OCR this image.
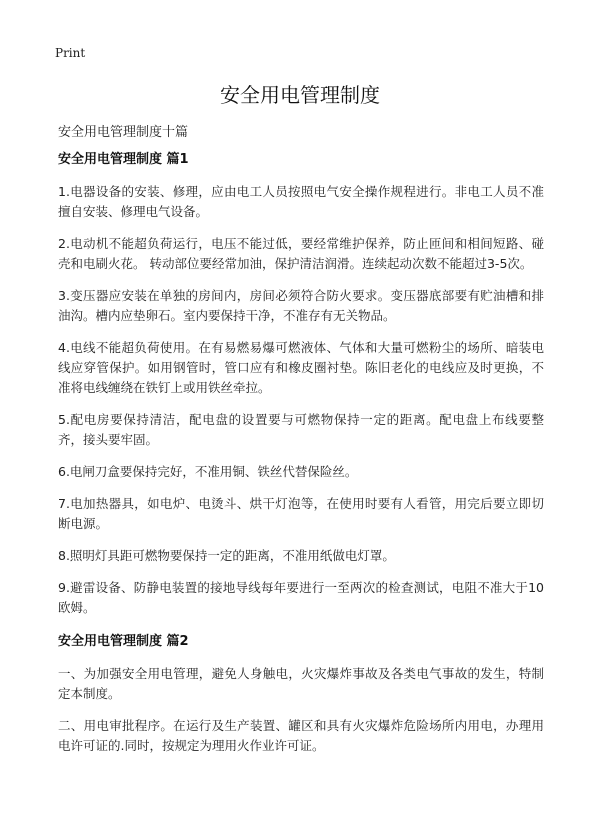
Print
安全用电管理制度
安全用电管理制度十篇
安全用电管理制度 篇1

1.电器设备的安装、修理，应由电工人员按照电气安全操作规程进行。非电工人员不准擅自安装、修理电气设备。

2.电动机不能超负荷运行，电压不能过低，要经常维护保养，防止匝间和相间短路、碰壳和电刷火花。 转动部位要经常加油，保护清洁润滑。连续起动次数不能超过3-5次。

3.变压器应安装在单独的房间内，房间必须符合防火要求。变压器底部要有贮油槽和排油沟。槽内应垫卵石。室内要保持干净，不准存有无关物品。

4.电线不能超负荷使用。在有易燃易爆可燃液体、气体和大量可燃粉尘的场所、暗装电线应穿管保护。如用钢管时，管口应有和橡皮圈衬垫。陈旧老化的电线应及时更换，不准将电线缠绕在铁钉上或用铁丝牵拉。

5.配电房要保持清洁，配电盘的设置要与可燃物保持一定的距离。配电盘上布线要整齐，接头要牢固。

6.电闸刀盒要保持完好，不准用铜、铁丝代替保险丝。

7.电加热器具，如电炉、电烫斗、烘干灯泡等，在使用时要有人看管，用完后要立即切断电源。

8.照明灯具距可燃物要保持一定的距离，不准用纸做电灯罩。

9.避雷设备、防静电装置的接地导线每年要进行一至两次的检查测试，电阻不准大于10欧姆。

安全用电管理制度 篇2

一、为加强安全用电管理，避免人身触电，火灾爆炸事故及各类电气事故的发生，特制定本制度。

二、用电审批程序。在运行及生产装置、罐区和具有火灾爆炸危险场所内用电，办理用电许可证的.同时，按规定为理用火作业许可证。
